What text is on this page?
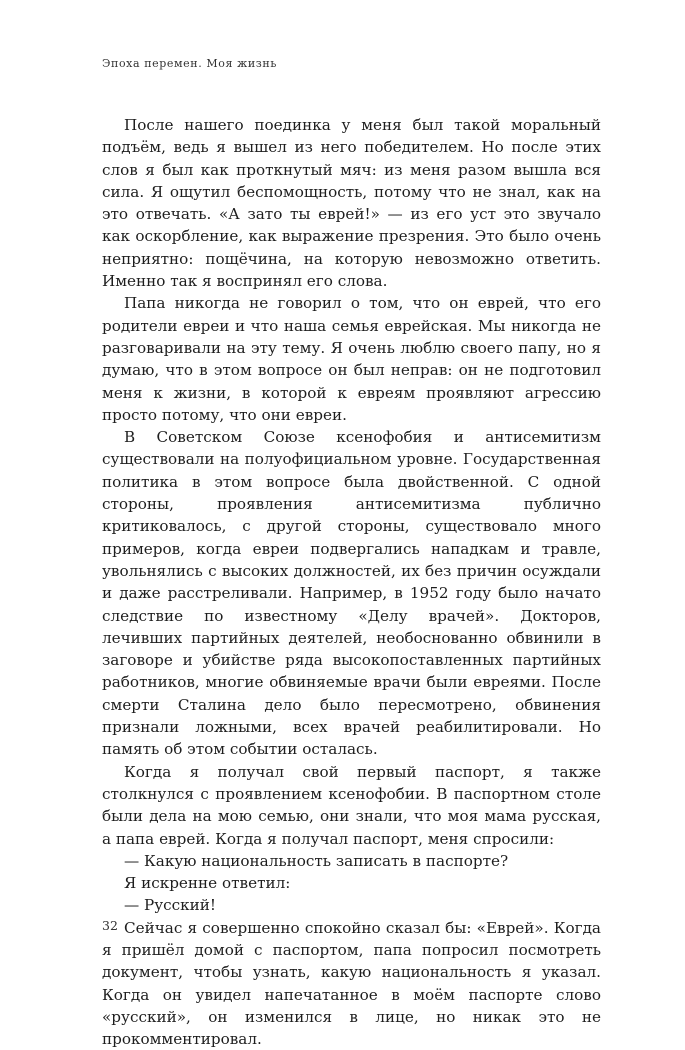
Эпоха перемен. Моя жизнь

После нашего поединка у меня был такой моральный подъём, ведь я вышел из него победителем. Но после этих слов я был как проткнутый мяч: из меня разом вышла вся сила. Я ощутил беспомощность, потому что не знал, как на это отвечать. «А зато ты еврей!» — из его уст это звучало как оскорбление, как выражение презрения. Это было очень неприятно: пощёчина, на которую невозможно ответить. Именно так я воспринял его слова.

Папа никогда не говорил о том, что он еврей, что его родители евреи и что наша семья еврейская. Мы никогда не разговаривали на эту тему. Я очень люблю своего папу, но я думаю, что в этом вопросе он был неправ: он не подготовил меня к жизни, в которой к евреям проявляют агрессию просто потому, что они евреи.

В Советском Союзе ксенофобия и антисемитизм существовали на полуофициальном уровне. Государственная политика в этом вопросе была двойственной. С одной стороны, проявления антисемитизма публично критиковалось, с другой стороны, существовало много примеров, когда евреи подвергались нападкам и травле, увольнялись с высоких должностей, их без причин осуждали и даже расстреливали. Например, в 1952 году было начато следствие по известному «Делу врачей». Докторов, лечивших партийных деятелей, необоснованно обвинили в заговоре и убийстве ряда высокопоставленных партийных работников, многие обвиняемые врачи были евреями. После смерти Сталина дело было пересмотрено, обвинения признали ложными, всех врачей реабилитировали. Но память об этом событии осталась.

Когда я получал свой первый паспорт, я также столкнулся с проявлением ксенофобии. В паспортном столе были дела на мою семью, они знали, что моя мама русская, а папа еврей. Когда я получал паспорт, меня спросили:

— Какую национальность записать в паспорте?

Я искренне ответил:

— Русский!

Сейчас я совершенно спокойно сказал бы: «Еврей». Когда я пришёл домой с паспортом, папа попросил посмотреть документ, чтобы узнать, какую национальность я указал. Когда он увидел напечатанное в моём паспорте слово «русский», он изменился в лице, но никак это не прокомментировал.

32
